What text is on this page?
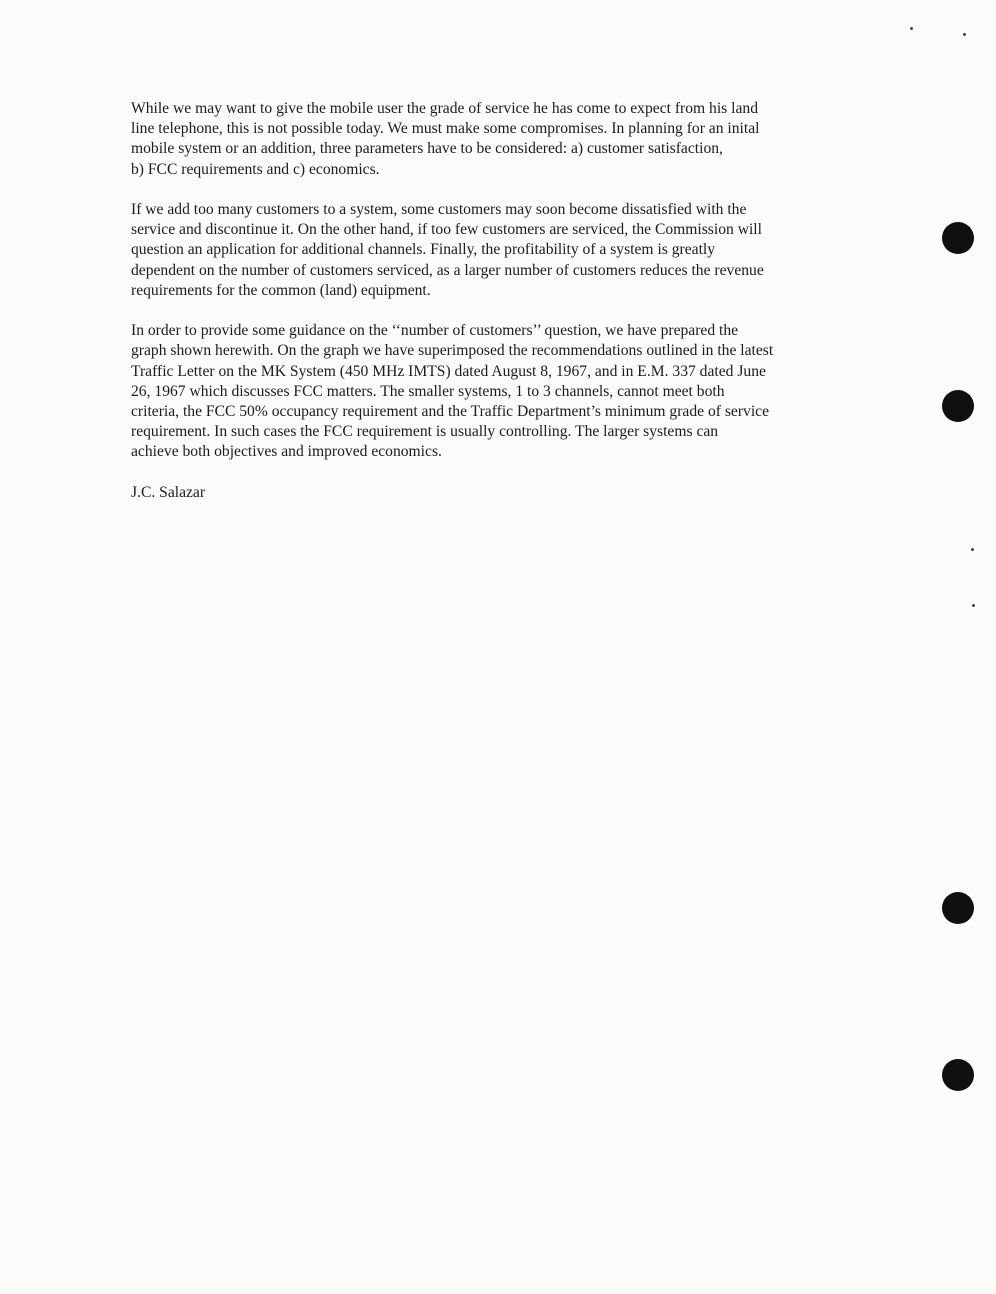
While we may want to give the mobile user the grade of service he has come to expect from his land
line telephone, this is not possible today. We must make some compromises. In planning for an inital
mobile system or an addition, three parameters have to be considered: a) customer satisfaction,
b) FCC requirements and c) economics.

If we add too many customers to a system, some customers may soon become dissatisfied with the
service and discontinue it. On the other hand, if too few customers are serviced, the Commission will
question an application for additional channels. Finally, the profitability of a system is greatly
dependent on the number of customers serviced, as a larger number of customers reduces the revenue
requirements for the common (land) equipment.

In order to provide some guidance on the ‘‘number of customers’’ question, we have prepared the
graph shown herewith. On the graph we have superimposed the recommendations outlined in the latest
Traffic Letter on the MK System (450 MHz IMTS) dated August 8, 1967, and in E.M. 337 dated June
26, 1967 which discusses FCC matters. The smaller systems, 1 to 3 channels, cannot meet both
criteria, the FCC 50% occupancy requirement and the Traffic Department’s minimum grade of service
requirement. In such cases the FCC requirement is usually controlling. The larger systems can
achieve both objectives and improved economics.

J.C. Salazar
